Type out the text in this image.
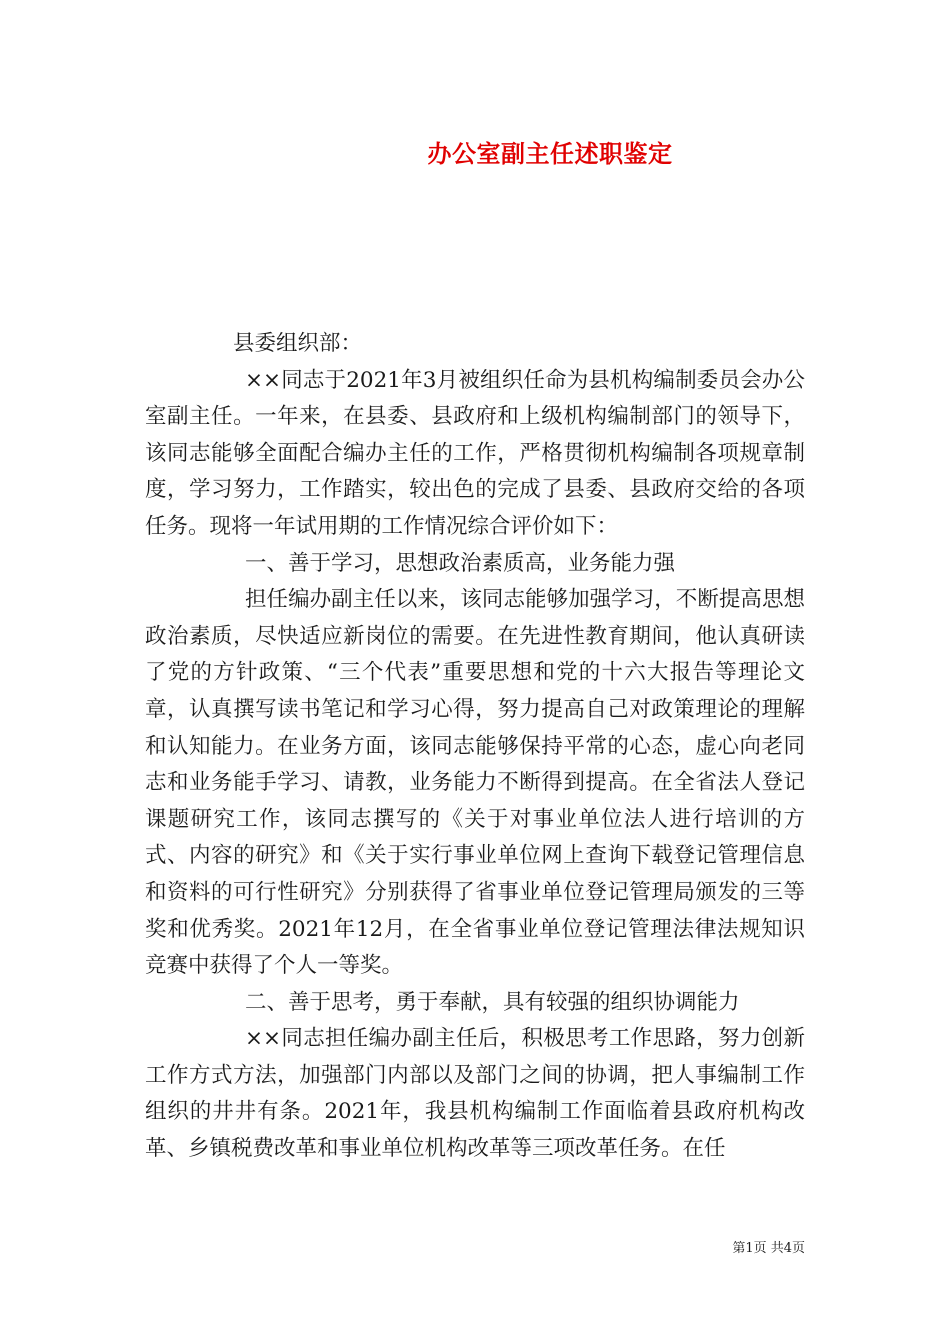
办公室副主任述职鉴定

县委组织部：

××同志于2021年3月被组织任命为县机构编制委员会办公室副主任。一年来，在县委、县政府和上级机构编制部门的领导下，该同志能够全面配合编办主任的工作，严格贯彻机构编制各项规章制度，学习努力，工作踏实，较出色的完成了县委、县政府交给的各项任务。现将一年试用期的工作情况综合评价如下：

一、善于学习，思想政治素质高，业务能力强

担任编办副主任以来，该同志能够加强学习，不断提高思想政治素质，尽快适应新岗位的需要。在先进性教育期间，他认真研读了党的方针政策、“三个代表”重要思想和党的十六大报告等理论文章，认真撰写读书笔记和学习心得，努力提高自己对政策理论的理解和认知能力。在业务方面，该同志能够保持平常的心态，虚心向老同志和业务能手学习、请教，业务能力不断得到提高。在全省法人登记课题研究工作，该同志撰写的《关于对事业单位法人进行培训的方式、内容的研究》和《关于实行事业单位网上查询下载登记管理信息和资料的可行性研究》分别获得了省事业单位登记管理局颁发的三等奖和优秀奖。2021年12月，在全省事业单位登记管理法律法规知识竞赛中获得了个人一等奖。

二、善于思考，勇于奉献，具有较强的组织协调能力

××同志担任编办副主任后，积极思考工作思路，努力创新工作方式方法，加强部门内部以及部门之间的协调，把人事编制工作组织的井井有条。2021年，我县机构编制工作面临着县政府机构改革、乡镇税费改革和事业单位机构改革等三项改革任务。在任

第1页 共4页
